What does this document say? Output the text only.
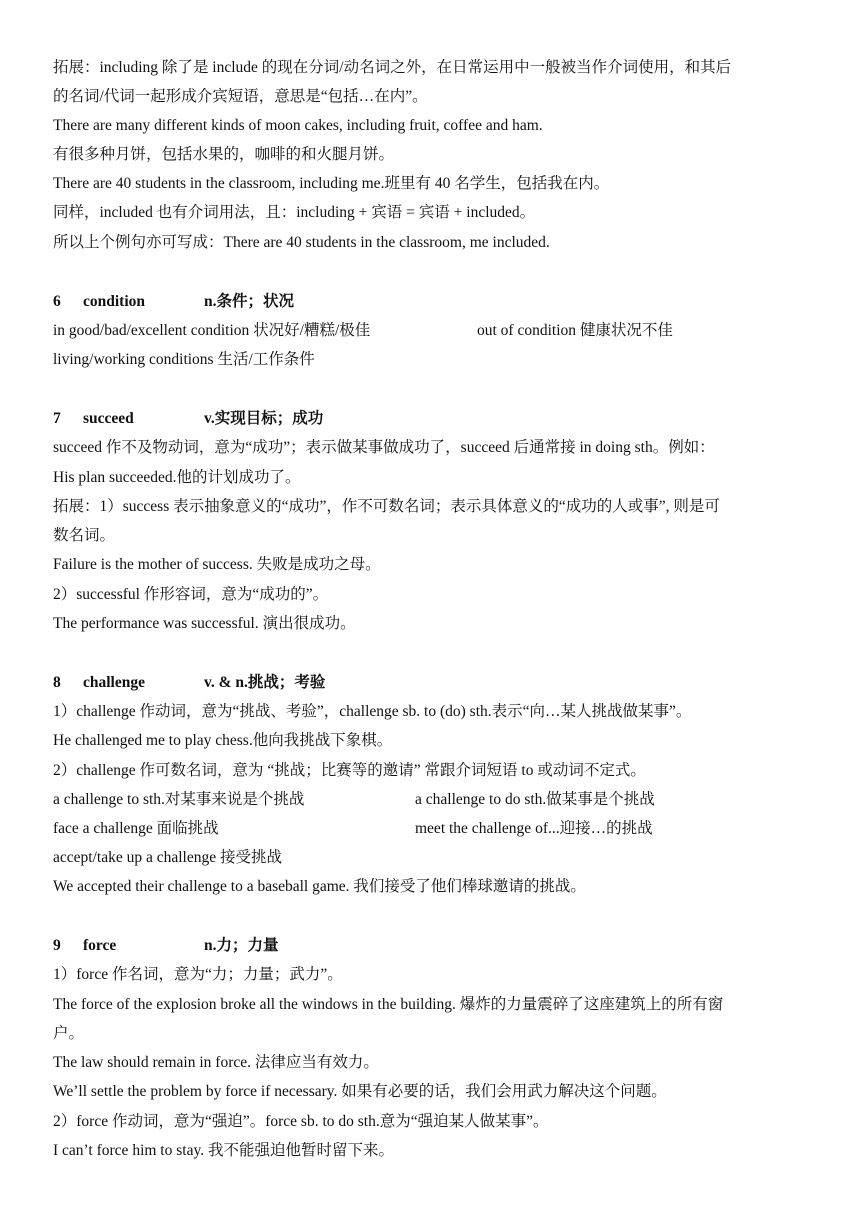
拓展：including 除了是 include 的现在分词/动名词之外，在日常运用中一般被当作介词使用，和其后
的名词/代词一起形成介宾短语，意思是“包括…在内”。
There are many different kinds of moon cakes, including fruit, coffee and ham.
有很多种月饼，包括水果的，咖啡的和火腿月饼。
There are 40 students in the classroom, including me.班里有 40 名学生，包括我在内。
同样，included 也有介词用法，且：including + 宾语 = 宾语 + included。
所以上个例句亦可写成：There are 40 students in the classroom, me included.
6 condition	n.条件；状况
in good/bad/excellent condition 状况好/糟糕/极佳	out of condition 健康状况不佳
living/working conditions 生活/工作条件
7 succeed	v.实现目标；成功
succeed 作不及物动词，意为“成功”；表示做某事做成功了，succeed 后通常接 in doing sth。例如：
His plan succeeded.他的计划成功了。
拓展：1）success 表示抽象意义的“成功”，作不可数名词；表示具体意义的“成功的人或事”, 则是可
数名词。
Failure is the mother of success. 失败是成功之母。
2）successful 作形容词，意为“成功的”。
The performance was successful. 演出很成功。
8 challenge	v. & n.挑战；考验
1）challenge 作动词，意为“挑战、考验”，challenge sb. to (do) sth.表示“向…某人挑战做某事”。
He challenged me to play chess.他向我挑战下象棋。
2）challenge 作可数名词，意为 “挑战；比赛等的邀请” 常跟介词短语 to 或动词不定式。
a challenge to sth.对某事来说是个挑战	a challenge to do sth.做某事是个挑战
face a challenge 面临挑战	meet the challenge of...迎接…的挑战
accept/take up a challenge 接受挑战
We accepted their challenge to a baseball game. 我们接受了他们棒球邀请的挑战。
9 force	n.力；力量
1）force 作名词，意为“力；力量；武力”。
The force of the explosion broke all the windows in the building. 爆炸的力量震碎了这座建筑上的所有窗
户。
The law should remain in force. 法律应当有效力。
We’ll settle the problem by force if necessary. 如果有必要的话，我们会用武力解决这个问题。
2）force 作动词，意为“强迫”。force sb. to do sth.意为“强迫某人做某事”。
I can’t force him to stay. 我不能强迫他暂时留下来。
